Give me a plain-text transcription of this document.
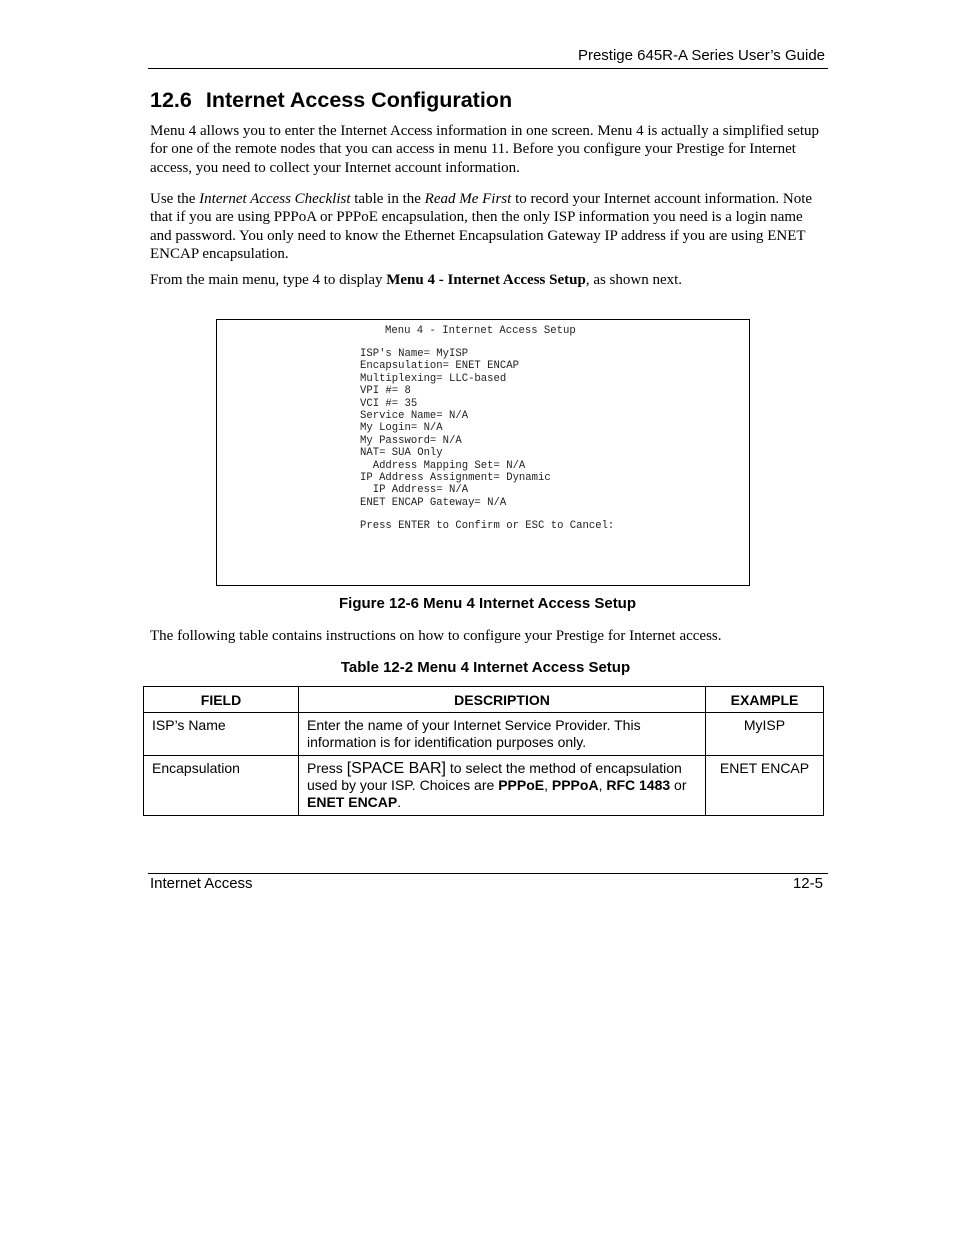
Prestige 645R-A Series User’s Guide
12.6 Internet Access Configuration

Menu 4 allows you to enter the Internet Access information in one screen. Menu 4 is actually a simplified setup for one of the remote nodes that you can access in menu 11. Before you configure your Prestige for Internet access, you need to collect your Internet account information.

Use the Internet Access Checklist table in the Read Me First to record your Internet account information. Note that if you are using PPPoA or PPPoE encapsulation, then the only ISP information you need is a login name and password. You only need to know the Ethernet Encapsulation Gateway IP address if you are using ENET ENCAP encapsulation.

From the main menu, type 4 to display Menu 4 - Internet Access Setup, as shown next.

Menu 4 - Internet Access Setup
ISP's Name= MyISP
Encapsulation= ENET ENCAP
Multiplexing= LLC-based
VPI #= 8
VCI #= 35
Service Name= N/A
My Login= N/A
My Password= N/A
NAT= SUA Only
Address Mapping Set= N/A
IP Address Assignment= Dynamic
IP Address= N/A
ENET ENCAP Gateway= N/A
Press ENTER to Confirm or ESC to Cancel:
Figure 12-6 Menu 4 Internet Access Setup

The following table contains instructions on how to configure your Prestige for Internet access.

Table 12-2 Menu 4 Internet Access Setup
FIELD	DESCRIPTION	EXAMPLE
ISP’s Name	Enter the name of your Internet Service Provider. This information is for identification purposes only.	MyISP
Encapsulation	Press [SPACE BAR] to select the method of encapsulation used by your ISP. Choices are PPPoE, PPPoA, RFC 1483 or ENET ENCAP.	ENET ENCAP
Internet Access	12-5
